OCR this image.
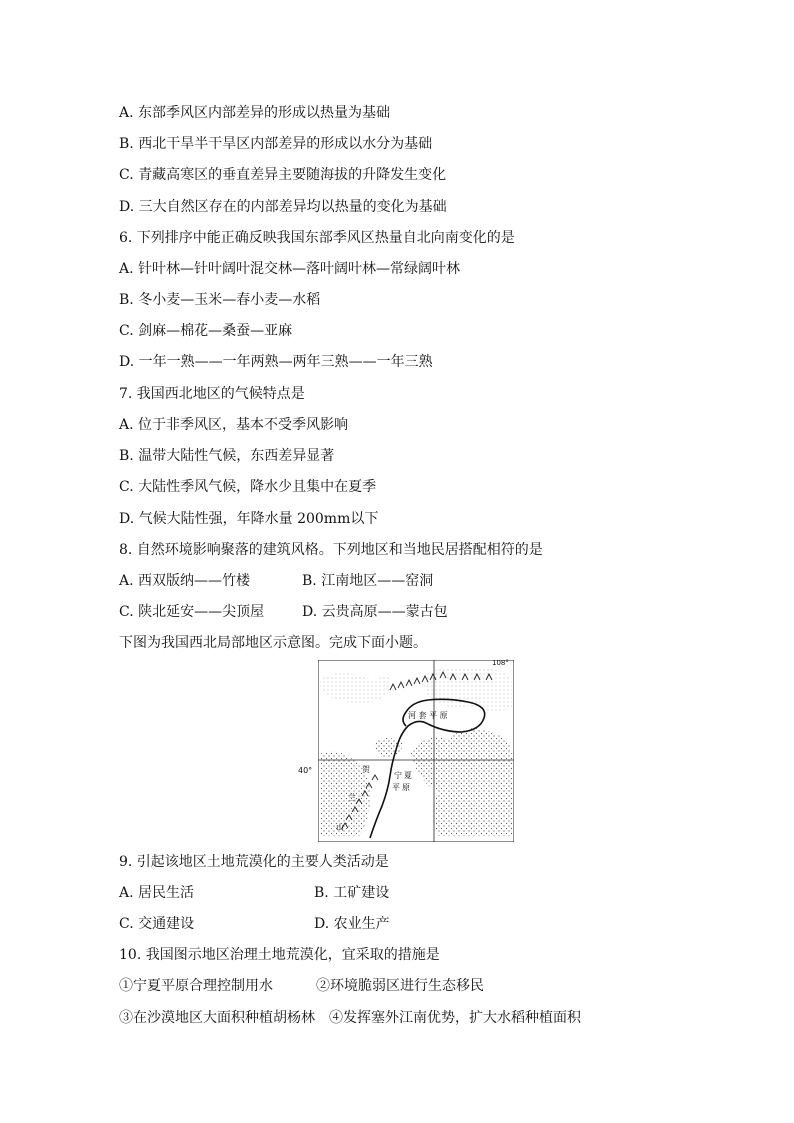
A. 东部季风区内部差异的形成以热量为基础
B. 西北干旱半干旱区内部差异的形成以水分为基础
C. 青藏高寒区的垂直差异主要随海拔的升降发生变化
D. 三大自然区存在的内部差异均以热量的变化为基础
6. 下列排序中能正确反映我国东部季风区热量自北向南变化的是
A. 针叶林—针叶阔叶混交林—落叶阔叶林—常绿阔叶林
B. 冬小麦—玉米—春小麦—水稻
C. 剑麻—棉花—桑蚕—亚麻
D. 一年一熟——一年两熟—两年三熟——一年三熟
7. 我国西北地区的气候特点是
A. 位于非季风区，基本不受季风影响
B. 温带大陆性气候，东西差异显著
C. 大陆性季风气候，降水少且集中在夏季
D. 气候大陆性强，年降水量 200mm以下
8. 自然环境影响聚落的建筑风格。下列地区和当地民居搭配相符的是
A. 西双版纳——竹楼	B. 江南地区——窑洞
C. 陕北延安——尖顶屋	D. 云贵高原——蒙古包
下图为我国西北局部地区示意图。完成下面小题。
河 套 平 原
贺
兰
山
宁 夏
平 原
108°
40°
9. 引起该地区土地荒漠化的主要人类活动是
A. 居民生活	B. 工矿建设
C. 交通建设	D. 农业生产
10. 我国图示地区治理土地荒漠化，宜采取的措施是
①宁夏平原合理控制用水	②环境脆弱区进行生态移民
③在沙漠地区大面积种植胡杨林 ④发挥塞外江南优势，扩大水稻种植面积
